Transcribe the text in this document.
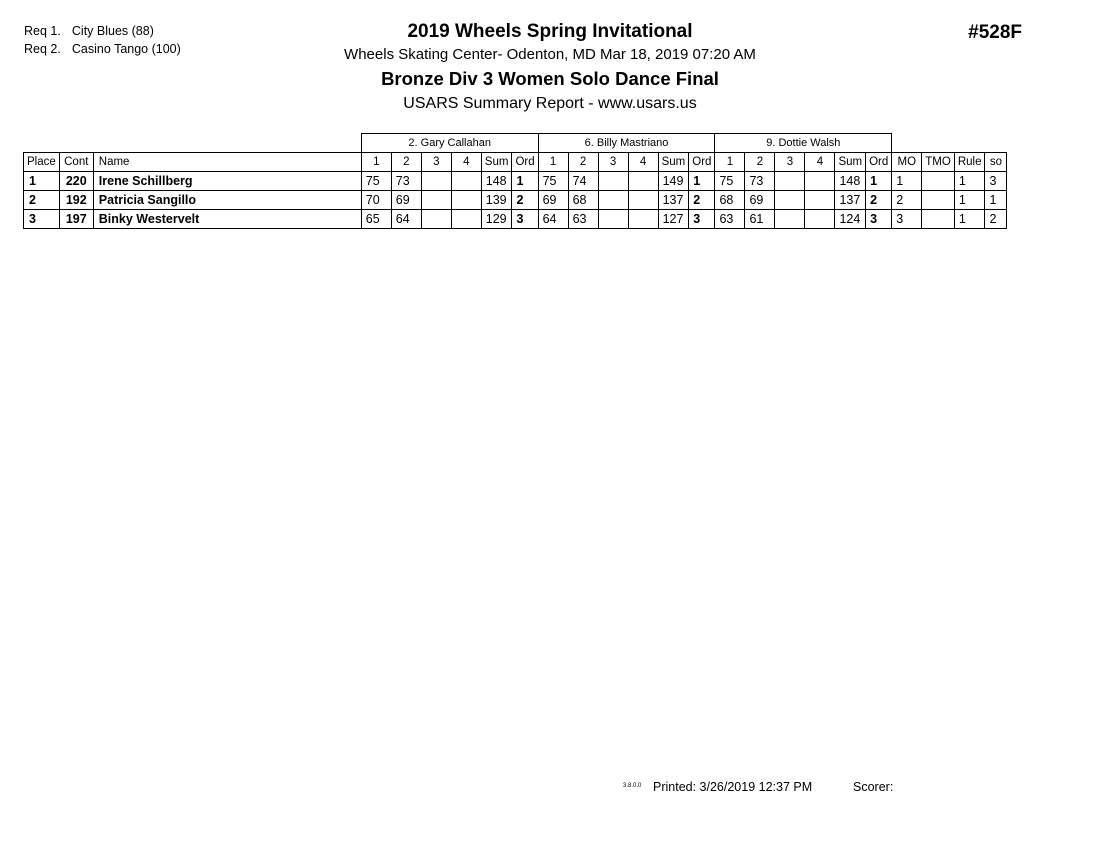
Req 1. City Blues (88)
Req 2. Casino Tango (100)
2019 Wheels Spring Invitational
Wheels Skating Center- Odenton, MD Mar 18, 2019 07:20 AM
Bronze Div 3 Women Solo Dance Final
USARS Summary Report - www.usars.us
#528F
			2. Gary Callahan						6. Billy Mastriano						9. Dottie Walsh									
Place	Cont	Name	1	2	3	4	Sum	Ord	1	2	3	4	Sum	Ord	1	2	3	4	Sum	Ord	MO	TMO	Rule	so
1	220	Irene Schillberg	75	73			148	1	75	74			149	1	75	73			148	1	1		1	3
2	192	Patricia Sangillo	70	69			139	2	69	68			137	2	68	69			137	2	2		1	1
3	197	Binky Westervelt	65	64			129	3	64	63			127	3	63	61			124	3	3		1	2
3.8.0.0 Printed: 3/26/2019 12:37 PM	Scorer:
